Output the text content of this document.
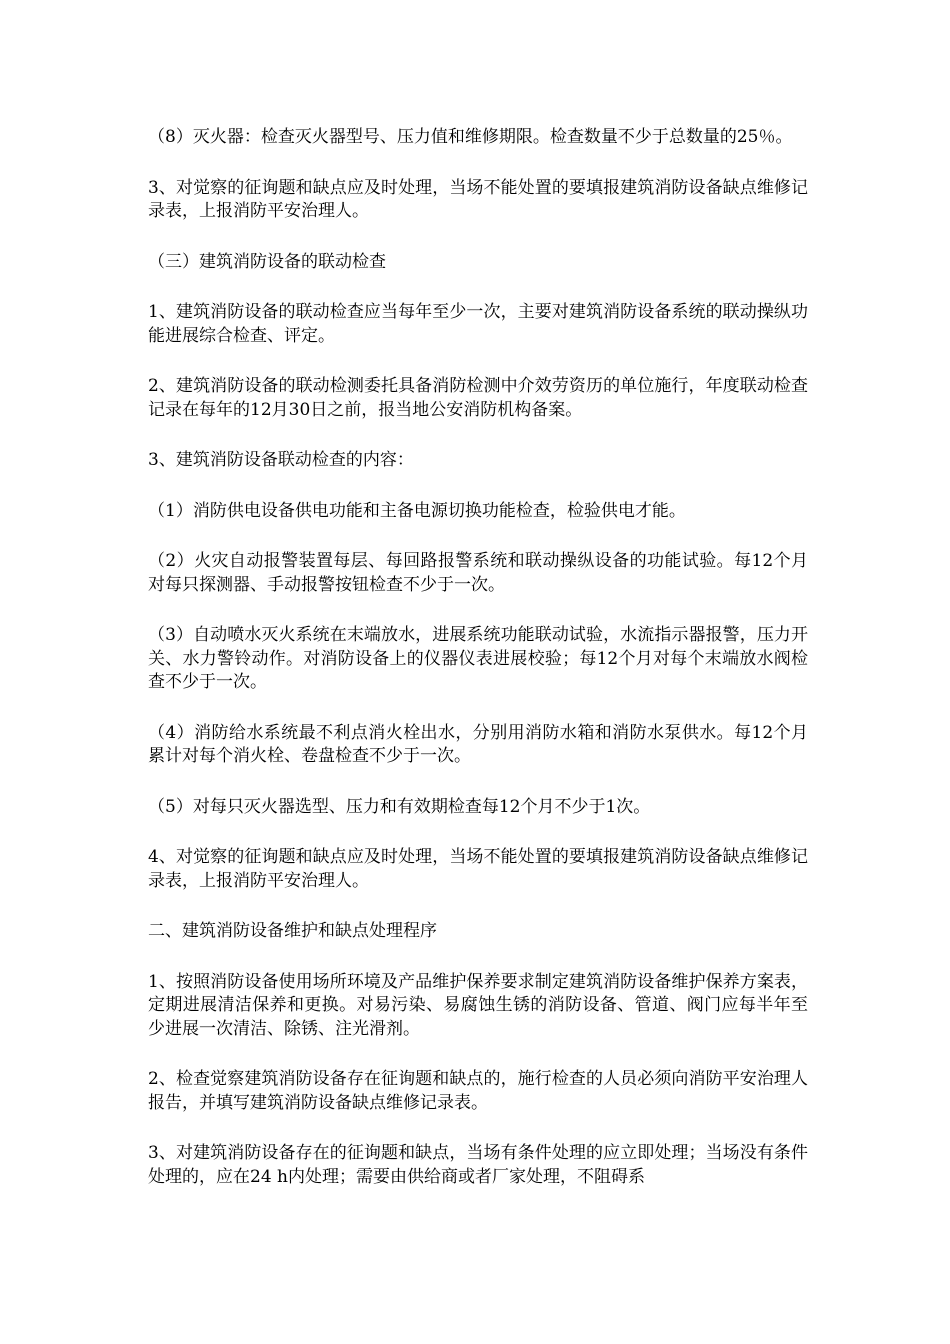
（8）灭火器：检查灭火器型号、压力值和维修期限。检查数量不少于总数量的25％。

3、对觉察的征询题和缺点应及时处理，当场不能处置的要填报建筑消防设备缺点维修记录表，上报消防平安治理人。

（三）建筑消防设备的联动检查

1、建筑消防设备的联动检查应当每年至少一次，主要对建筑消防设备系统的联动操纵功能进展综合检查、评定。

2、建筑消防设备的联动检测委托具备消防检测中介效劳资历的单位施行，年度联动检查记录在每年的12月30日之前，报当地公安消防机构备案。

3、建筑消防设备联动检查的内容：

（1）消防供电设备供电功能和主备电源切换功能检查，检验供电才能。

（2）火灾自动报警装置每层、每回路报警系统和联动操纵设备的功能试验。每12个月对每只探测器、手动报警按钮检查不少于一次。

（3）自动喷水灭火系统在末端放水，进展系统功能联动试验，水流指示器报警，压力开关、水力警铃动作。对消防设备上的仪器仪表进展校验；每12个月对每个末端放水阀检查不少于一次。

（4）消防给水系统最不利点消火栓出水，分别用消防水箱和消防水泵供水。每12个月累计对每个消火栓、卷盘检查不少于一次。

（5）对每只灭火器选型、压力和有效期检查每12个月不少于1次。

4、对觉察的征询题和缺点应及时处理，当场不能处置的要填报建筑消防设备缺点维修记录表，上报消防平安治理人。

二、建筑消防设备维护和缺点处理程序

1、按照消防设备使用场所环境及产品维护保养要求制定建筑消防设备维护保养方案表，定期进展清洁保养和更换。对易污染、易腐蚀生锈的消防设备、管道、阀门应每半年至少进展一次清洁、除锈、注光滑剂。

2、检查觉察建筑消防设备存在征询题和缺点的，施行检查的人员必须向消防平安治理人报告，并填写建筑消防设备缺点维修记录表。

3、对建筑消防设备存在的征询题和缺点，当场有条件处理的应立即处理；当场没有条件处理的，应在24 h内处理；需要由供给商或者厂家处理，不阻碍系
